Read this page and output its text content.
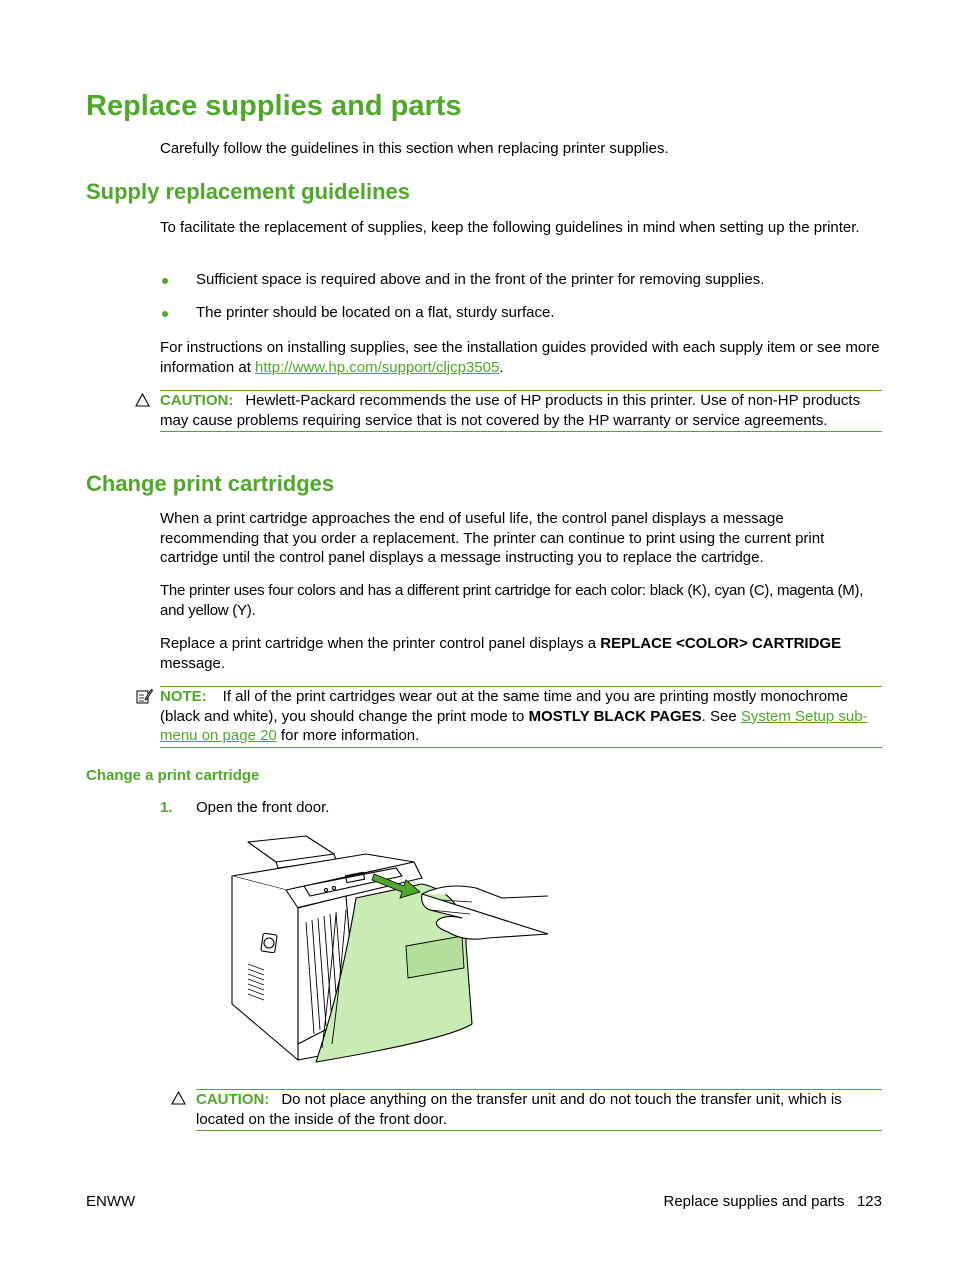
Replace supplies and parts

Carefully follow the guidelines in this section when replacing printer supplies.

Supply replacement guidelines

To facilitate the replacement of supplies, keep the following guidelines in mind when setting up the printer.

Sufficient space is required above and in the front of the printer for removing supplies.
The printer should be located on a flat, sturdy surface.

For instructions on installing supplies, see the installation guides provided with each supply item or see more information at http://www.hp.com/support/cljcp3505.

CAUTION: Hewlett-Packard recommends the use of HP products in this printer. Use of non-HP products may cause problems requiring service that is not covered by the HP warranty or service agreements.
Change print cartridges

When a print cartridge approaches the end of useful life, the control panel displays a message recommending that you order a replacement. The printer can continue to print using the current print cartridge until the control panel displays a message instructing you to replace the cartridge.

The printer uses four colors and has a different print cartridge for each color: black (K), cyan (C), magenta (M), and yellow (Y).

Replace a print cartridge when the printer control panel displays a REPLACE <COLOR> CARTRIDGE message.

NOTE: If all of the print cartridges wear out at the same time and you are printing mostly monochrome (black and white), you should change the print mode to MOSTLY BLACK PAGES. See System Setup sub-menu on page 20 for more information.
Change a print cartridge
1. Open the front door.
CAUTION: Do not place anything on the transfer unit and do not touch the transfer unit, which is located on the inside of the front door.
ENWW	Replace supplies and parts 123
